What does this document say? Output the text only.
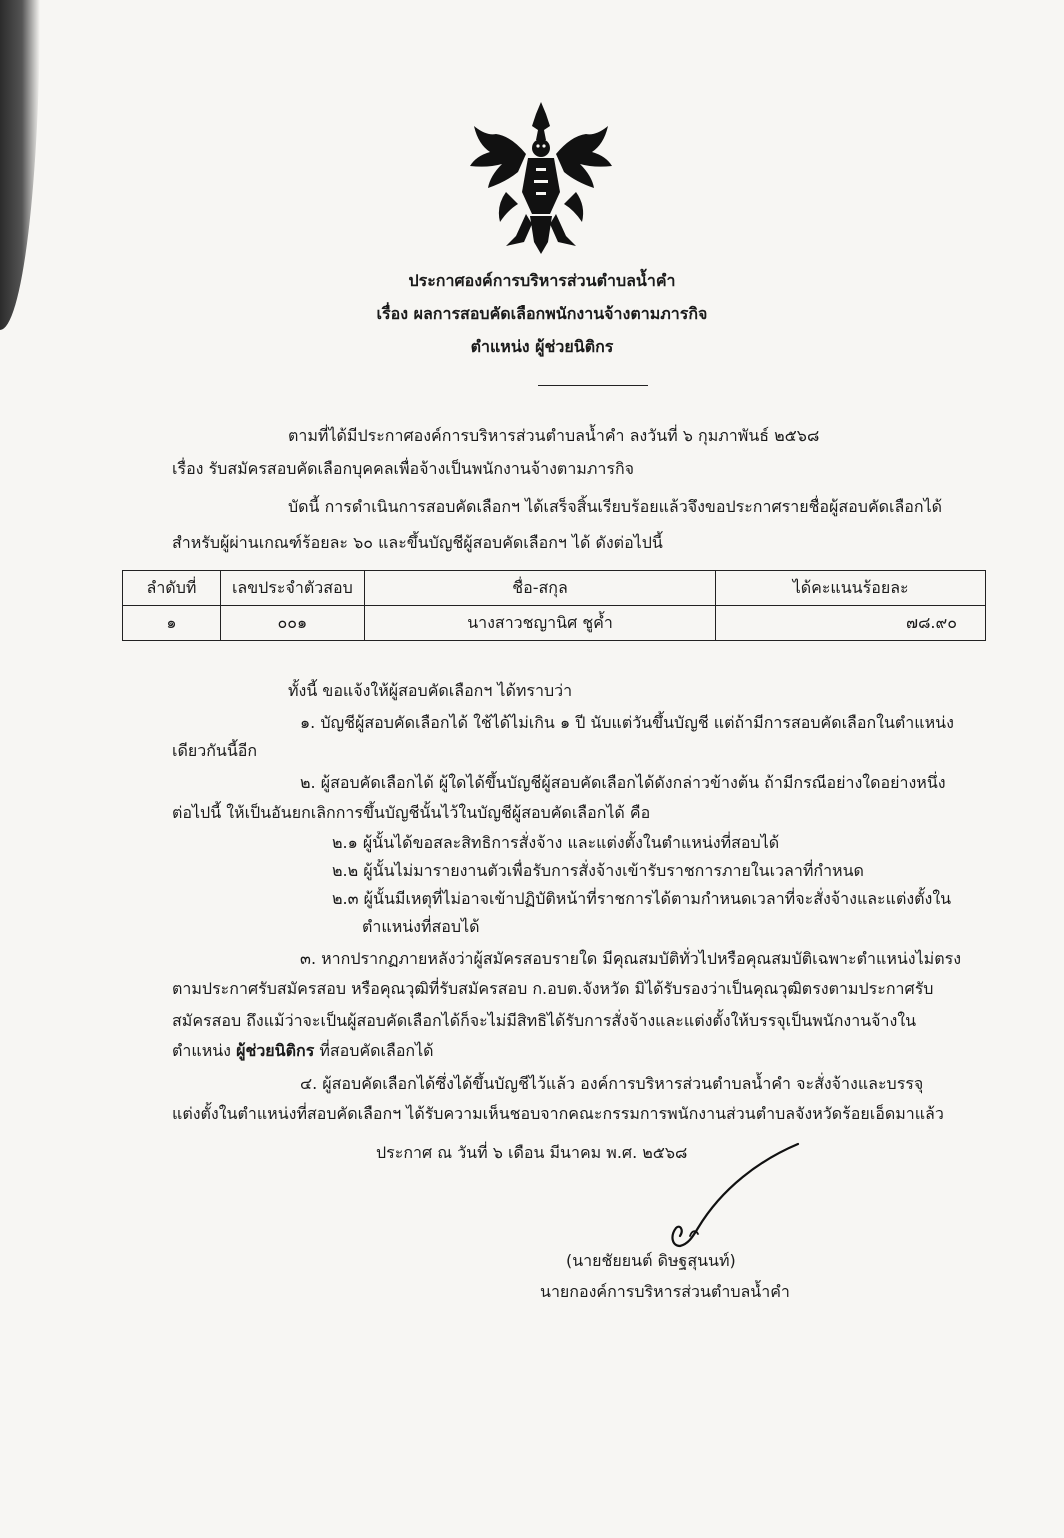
ประกาศองค์การบริหารส่วนตำบลน้ำคำ
เรื่อง ผลการสอบคัดเลือกพนักงานจ้างตามภารกิจ
ตำแหน่ง ผู้ช่วยนิติกร
ตามที่ได้มีประกาศองค์การบริหารส่วนตำบลน้ำคำ ลงวันที่ ๖ กุมภาพันธ์ ๒๕๖๘
เรื่อง รับสมัครสอบคัดเลือกบุคคลเพื่อจ้างเป็นพนักงานจ้างตามภารกิจ
บัดนี้ การดำเนินการสอบคัดเลือกฯ ได้เสร็จสิ้นเรียบร้อยแล้วจึงขอประกาศรายชื่อผู้สอบคัดเลือกได้
สำหรับผู้ผ่านเกณฑ์ร้อยละ ๖๐ และขึ้นบัญชีผู้สอบคัดเลือกฯ ได้ ดังต่อไปนี้
ลำดับที่	เลขประจำตัวสอบ	ชื่อ-สกุล	ได้คะแนนร้อยละ
๑	๐๐๑	นางสาวชญานิศ ชูค้ำ	๗๘.๙๐
ทั้งนี้ ขอแจ้งให้ผู้สอบคัดเลือกฯ ได้ทราบว่า
๑. บัญชีผู้สอบคัดเลือกได้ ใช้ได้ไม่เกิน ๑ ปี นับแต่วันขึ้นบัญชี แต่ถ้ามีการสอบคัดเลือกในตำแหน่ง
เดียวกันนี้อีก
๒. ผู้สอบคัดเลือกได้ ผู้ใดได้ขึ้นบัญชีผู้สอบคัดเลือกได้ดังกล่าวข้างต้น ถ้ามีกรณีอย่างใดอย่างหนึ่ง
ต่อไปนี้ ให้เป็นอันยกเลิกการขึ้นบัญชีนั้นไว้ในบัญชีผู้สอบคัดเลือกได้ คือ
๒.๑ ผู้นั้นได้ขอสละสิทธิการสั่งจ้าง และแต่งตั้งในตำแหน่งที่สอบได้
๒.๒ ผู้นั้นไม่มารายงานตัวเพื่อรับการสั่งจ้างเข้ารับราชการภายในเวลาที่กำหนด
๒.๓ ผู้นั้นมีเหตุที่ไม่อาจเข้าปฏิบัติหน้าที่ราชการได้ตามกำหนดเวลาที่จะสั่งจ้างและแต่งตั้งใน
ตำแหน่งที่สอบได้
๓. หากปรากฏภายหลังว่าผู้สมัครสอบรายใด มีคุณสมบัติทั่วไปหรือคุณสมบัติเฉพาะตำแหน่งไม่ตรง
ตามประกาศรับสมัครสอบ หรือคุณวุฒิที่รับสมัครสอบ ก.อบต.จังหวัด มิได้รับรองว่าเป็นคุณวุฒิตรงตามประกาศรับ
สมัครสอบ ถึงแม้ว่าจะเป็นผู้สอบคัดเลือกได้ก็จะไม่มีสิทธิได้รับการสั่งจ้างและแต่งตั้งให้บรรจุเป็นพนักงานจ้างใน
ตำแหน่ง ผู้ช่วยนิติกร ที่สอบคัดเลือกได้
๔. ผู้สอบคัดเลือกได้ซึ่งได้ขึ้นบัญชีไว้แล้ว องค์การบริหารส่วนตำบลน้ำคำ จะสั่งจ้างและบรรจุ
แต่งตั้งในตำแหน่งที่สอบคัดเลือกฯ ได้รับความเห็นชอบจากคณะกรรมการพนักงานส่วนตำบลจังหวัดร้อยเอ็ดมาแล้ว
ประกาศ ณ วันที่ ๖ เดือน มีนาคม พ.ศ. ๒๕๖๘
(นายชัยยนต์ ดิษฐสุนนท์)
นายกองค์การบริหารส่วนตำบลน้ำคำ
